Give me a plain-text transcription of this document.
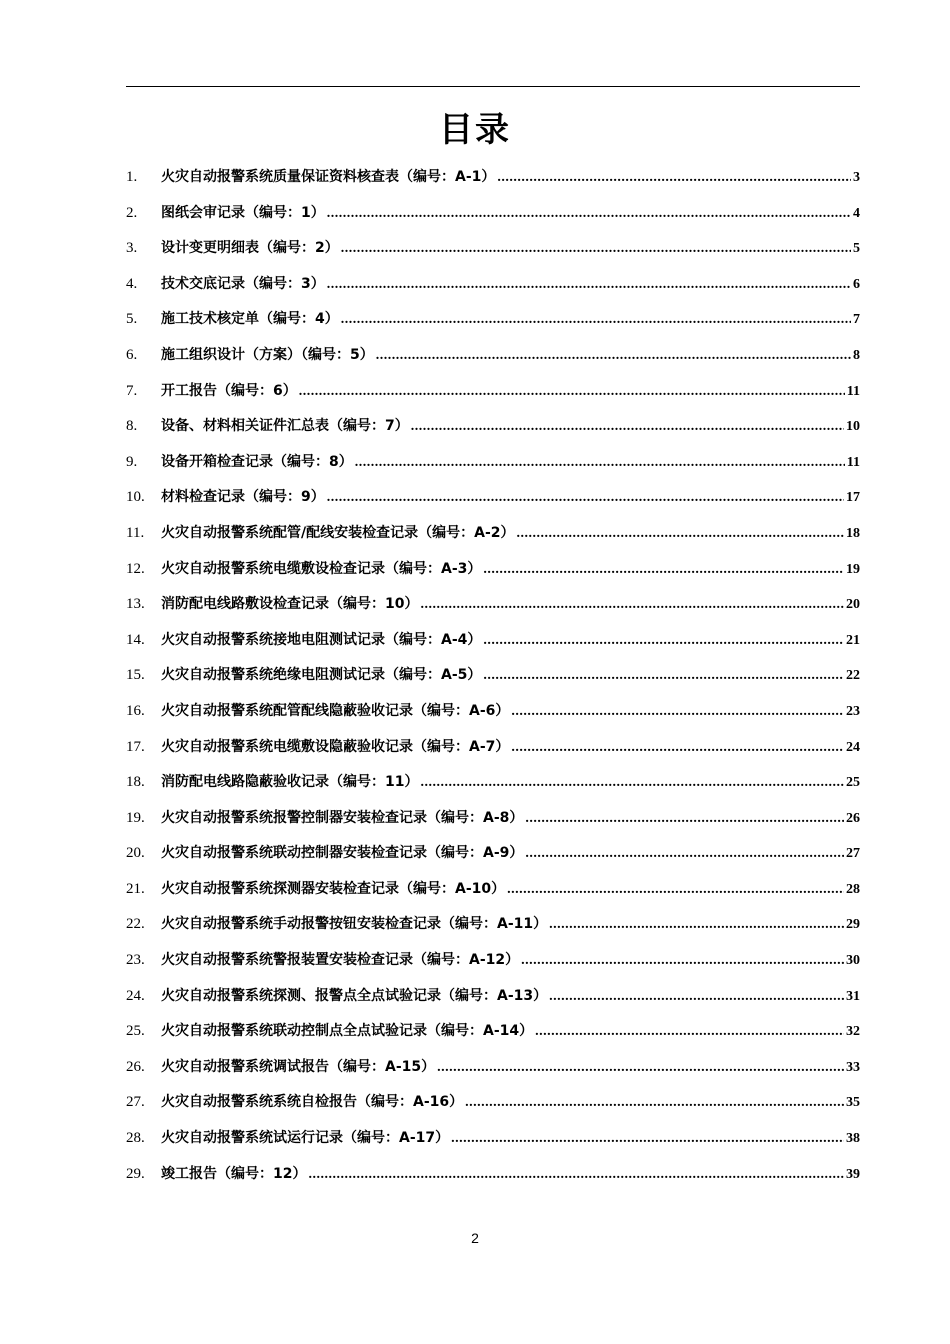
目录
1.	火灾自动报警系统质量保证资料核查表（编号：A-1） .....	3
2.	图纸会审记录（编号：1） .....	4
3.	设计变更明细表（编号：2） .....	5
4.	技术交底记录（编号：3） .....	6
5.	施工技术核定单（编号：4） .....	7
6.	施工组织设计（方案）（编号：5） .....	8
7.	开工报告（编号：6） .....	11
8.	设备、材料相关证件汇总表（编号：7） .....	10
9.	设备开箱检查记录（编号：8） .....	11
10.	材料检查记录（编号：9） .....	17
11.	火灾自动报警系统配管/配线安装检查记录（编号：A-2） .....	18
12.	火灾自动报警系统电缆敷设检查记录（编号：A-3） .....	19
13.	消防配电线路敷设检查记录（编号：10） .....	20
14.	火灾自动报警系统接地电阻测试记录（编号：A-4） .....	21
15.	火灾自动报警系统绝缘电阻测试记录（编号：A-5） .....	22
16.	火灾自动报警系统配管配线隐蔽验收记录（编号：A-6） .....	23
17.	火灾自动报警系统电缆敷设隐蔽验收记录（编号：A-7） .....	24
18.	消防配电线路隐蔽验收记录（编号：11） .....	25
19.	火灾自动报警系统报警控制器安装检查记录（编号：A-8） .....	26
20.	火灾自动报警系统联动控制器安装检查记录（编号：A-9） .....	27
21.	火灾自动报警系统探测器安装检查记录（编号：A-10） .....	28
22.	火灾自动报警系统手动报警按钮安装检查记录（编号：A-11） .....	29
23.	火灾自动报警系统警报装置安装检查记录（编号：A-12） .....	30
24.	火灾自动报警系统探测、报警点全点试验记录（编号：A-13） .....	31
25.	火灾自动报警系统联动控制点全点试验记录（编号：A-14） .....	32
26.	火灾自动报警系统调试报告（编号：A-15） .....	33
27.	火灾自动报警系统系统自检报告（编号：A-16） .....	35
28.	火灾自动报警系统试运行记录（编号：A-17） .....	38
29.	竣工报告（编号：12） .....	39
2
